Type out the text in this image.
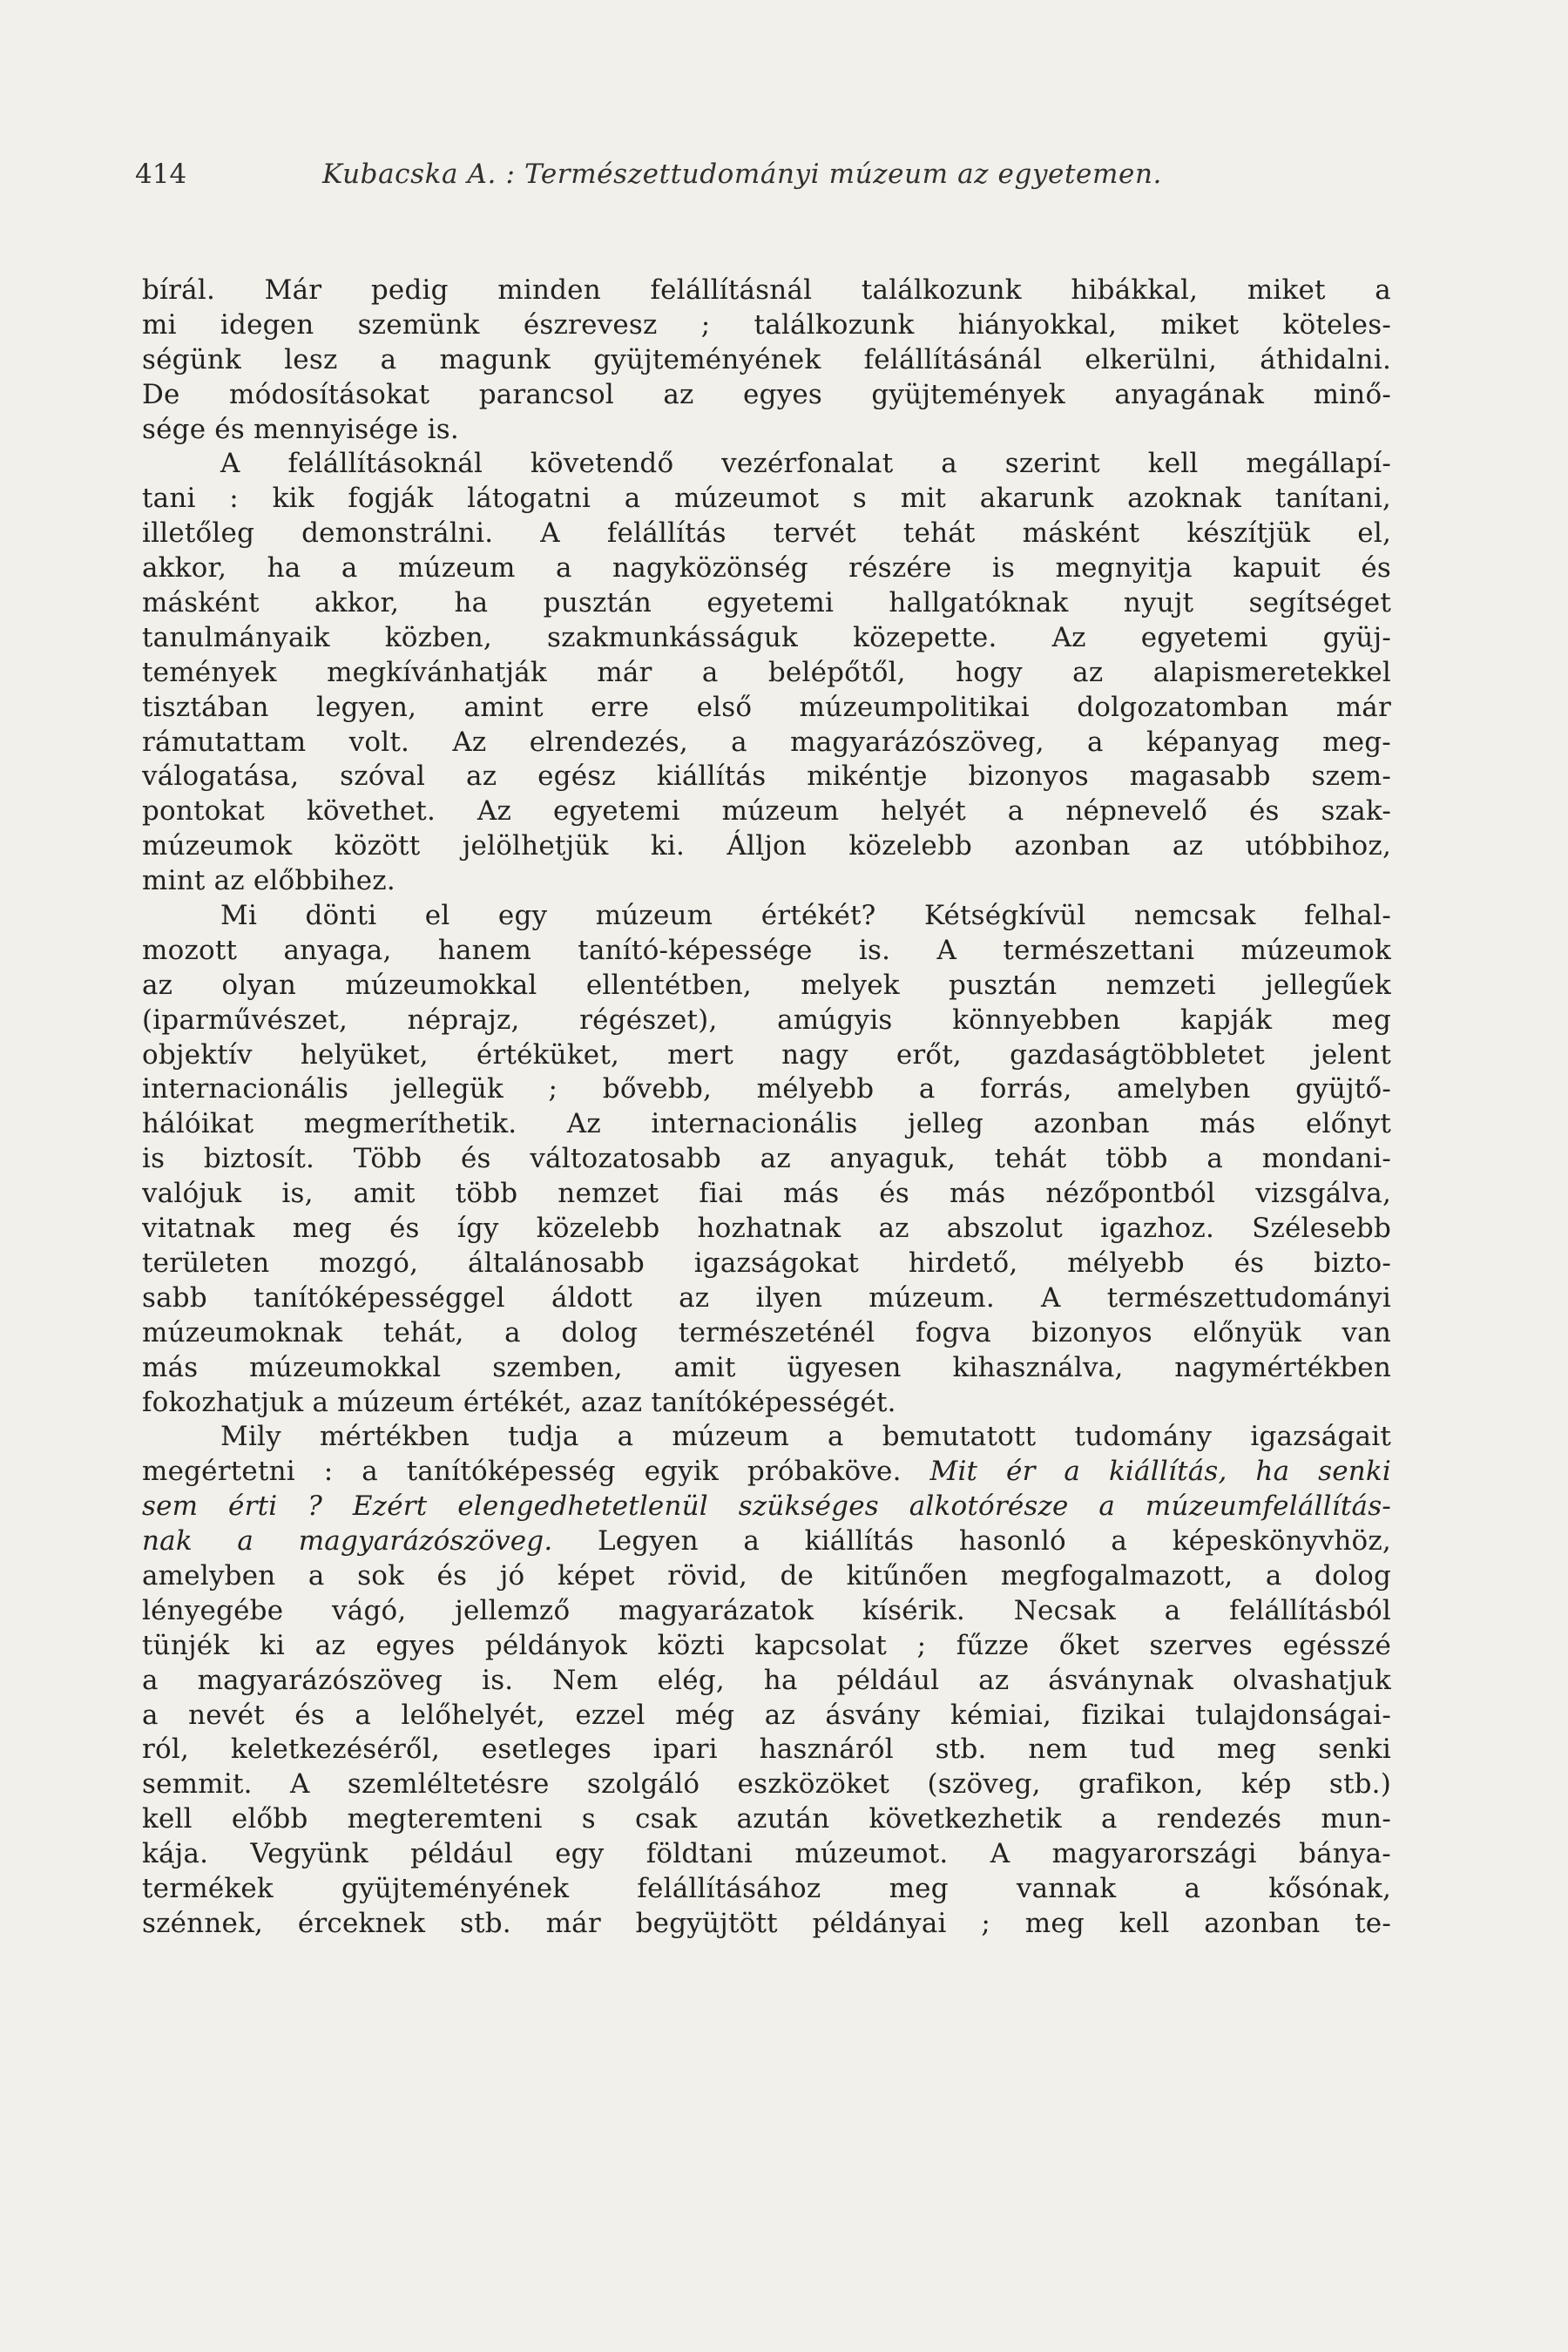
414	Kubacska A. : Természettudományi múzeum az egyetemen.
bírál. Már pedig minden felállításnál találkozunk hibákkal, miket a
mi idegen szemünk észrevesz ; találkozunk hiányokkal, miket köteles-
ségünk lesz a magunk gyüjteményének felállításánál elkerülni, áthidalni.
De módosításokat parancsol az egyes gyüjtemények anyagának minő-
sége és mennyisége is.
A felállításoknál követendő vezérfonalat a szerint kell megállapí-
tani : kik fogják látogatni a múzeumot s mit akarunk azoknak tanítani,
illetőleg demonstrálni. A felállítás tervét tehát másként készítjük el,
akkor, ha a múzeum a nagyközönség részére is megnyitja kapuit és
másként akkor, ha pusztán egyetemi hallgatóknak nyujt segítséget
tanulmányaik közben, szakmunkásságuk közepette. Az egyetemi gyüj-
temények megkívánhatják már a belépőtől, hogy az alapismeretekkel
tisztában legyen, amint erre első múzeumpolitikai dolgozatomban már
rámutattam volt. Az elrendezés, a magyarázószöveg, a képanyag meg-
válogatása, szóval az egész kiállítás mikéntje bizonyos magasabb szem-
pontokat követhet. Az egyetemi múzeum helyét a népnevelő és szak-
múzeumok között jelölhetjük ki. Álljon közelebb azonban az utóbbihoz,
mint az előbbihez.
Mi dönti el egy múzeum értékét? Kétségkívül nemcsak felhal-
mozott anyaga, hanem tanító-képessége is. A természettani múzeumok
az olyan múzeumokkal ellentétben, melyek pusztán nemzeti jellegűek
(iparművészet, néprajz, régészet), amúgyis könnyebben kapják meg
objektív helyüket, értéküket, mert nagy erőt, gazdaságtöbbletet jelent
internacionális jellegük ; bővebb, mélyebb a forrás, amelyben gyüjtő-
hálóikat megmeríthetik. Az internacionális jelleg azonban más előnyt
is biztosít. Több és változatosabb az anyaguk, tehát több a mondani-
valójuk is, amit több nemzet fiai más és más nézőpontból vizsgálva,
vitatnak meg és így közelebb hozhatnak az abszolut igazhoz. Szélesebb
területen mozgó, általánosabb igazságokat hirdető, mélyebb és bizto-
sabb tanítóképességgel áldott az ilyen múzeum. A természettudományi
múzeumoknak tehát, a dolog természeténél fogva bizonyos előnyük van
más múzeumokkal szemben, amit ügyesen kihasználva, nagymértékben
fokozhatjuk a múzeum értékét, azaz tanítóképességét.
Mily mértékben tudja a múzeum a bemutatott tudomány igazságait
megértetni : a tanítóképesség egyik próbaköve. Mit ér a kiállítás, ha senki
sem érti ? Ezért elengedhetetlenül szükséges alkotórésze a múzeumfelállítás-
nak a magyarázószöveg. Legyen a kiállítás hasonló a képeskönyvhöz,
amelyben a sok és jó képet rövid, de kitűnően megfogalmazott, a dolog
lényegébe vágó, jellemző magyarázatok kísérik. Necsak a felállításból
tünjék ki az egyes példányok közti kapcsolat ; fűzze őket szerves egésszé
a magyarázószöveg is. Nem elég, ha például az ásványnak olvashatjuk
a nevét és a lelőhelyét, ezzel még az ásvány kémiai, fizikai tulajdonságai-
ról, keletkezéséről, esetleges ipari hasznáról stb. nem tud meg senki
semmit. A szemléltetésre szolgáló eszközöket (szöveg, grafikon, kép stb.)
kell előbb megteremteni s csak azután következhetik a rendezés mun-
kája. Vegyünk például egy földtani múzeumot. A magyarországi bánya-
termékek gyüjteményének felállításához meg vannak a kősónak,
szénnek, érceknek stb. már begyüjtött példányai ; meg kell azonban te-
